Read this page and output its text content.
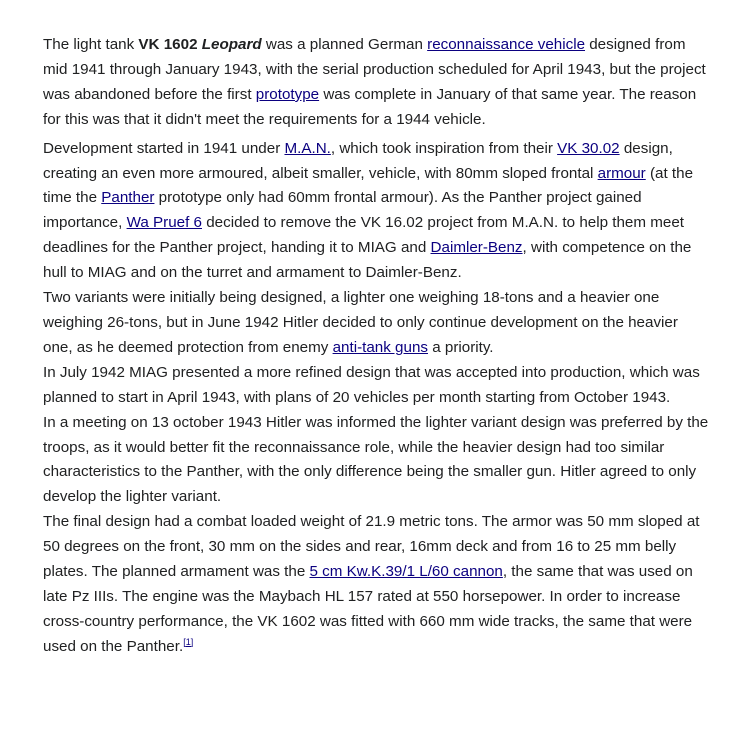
The light tank VK 1602 Leopard was a planned German reconnaissance vehicle designed from mid 1941 through January 1943, with the serial production scheduled for April 1943, but the project was abandoned before the first prototype was complete in January of that same year. The reason for this was that it didn't meet the requirements for a 1944 vehicle.

Development started in 1941 under M.A.N., which took inspiration from their VK 30.02 design, creating an even more armoured, albeit smaller, vehicle, with 80mm sloped frontal armour (at the time the Panther prototype only had 60mm frontal armour). As the Panther project gained importance, Wa Pruef 6 decided to remove the VK 16.02 project from M.A.N. to help them meet deadlines for the Panther project, handing it to MIAG and Daimler-Benz, with competence on the hull to MIAG and on the turret and armament to Daimler-Benz.

Two variants were initially being designed, a lighter one weighing 18-tons and a heavier one weighing 26-tons, but in June 1942 Hitler decided to only continue development on the heavier one, as he deemed protection from enemy anti-tank guns a priority.

In July 1942 MIAG presented a more refined design that was accepted into production, which was planned to start in April 1943, with plans of 20 vehicles per month starting from October 1943.

In a meeting on 13 october 1943 Hitler was informed the lighter variant design was preferred by the troops, as it would better fit the reconnaissance role, while the heavier design had too similar characteristics to the Panther, with the only difference being the smaller gun. Hitler agreed to only develop the lighter variant.

The final design had a combat loaded weight of 21.9 metric tons. The armor was 50 mm sloped at 50 degrees on the front, 30 mm on the sides and rear, 16mm deck and from 16 to 25 mm belly plates. The planned armament was the 5 cm Kw.K.39/1 L/60 cannon, the same that was used on late Pz IIIs. The engine was the Maybach HL 157 rated at 550 horsepower. In order to increase cross-country performance, the VK 1602 was fitted with 660 mm wide tracks, the same that were used on the Panther.[1]
